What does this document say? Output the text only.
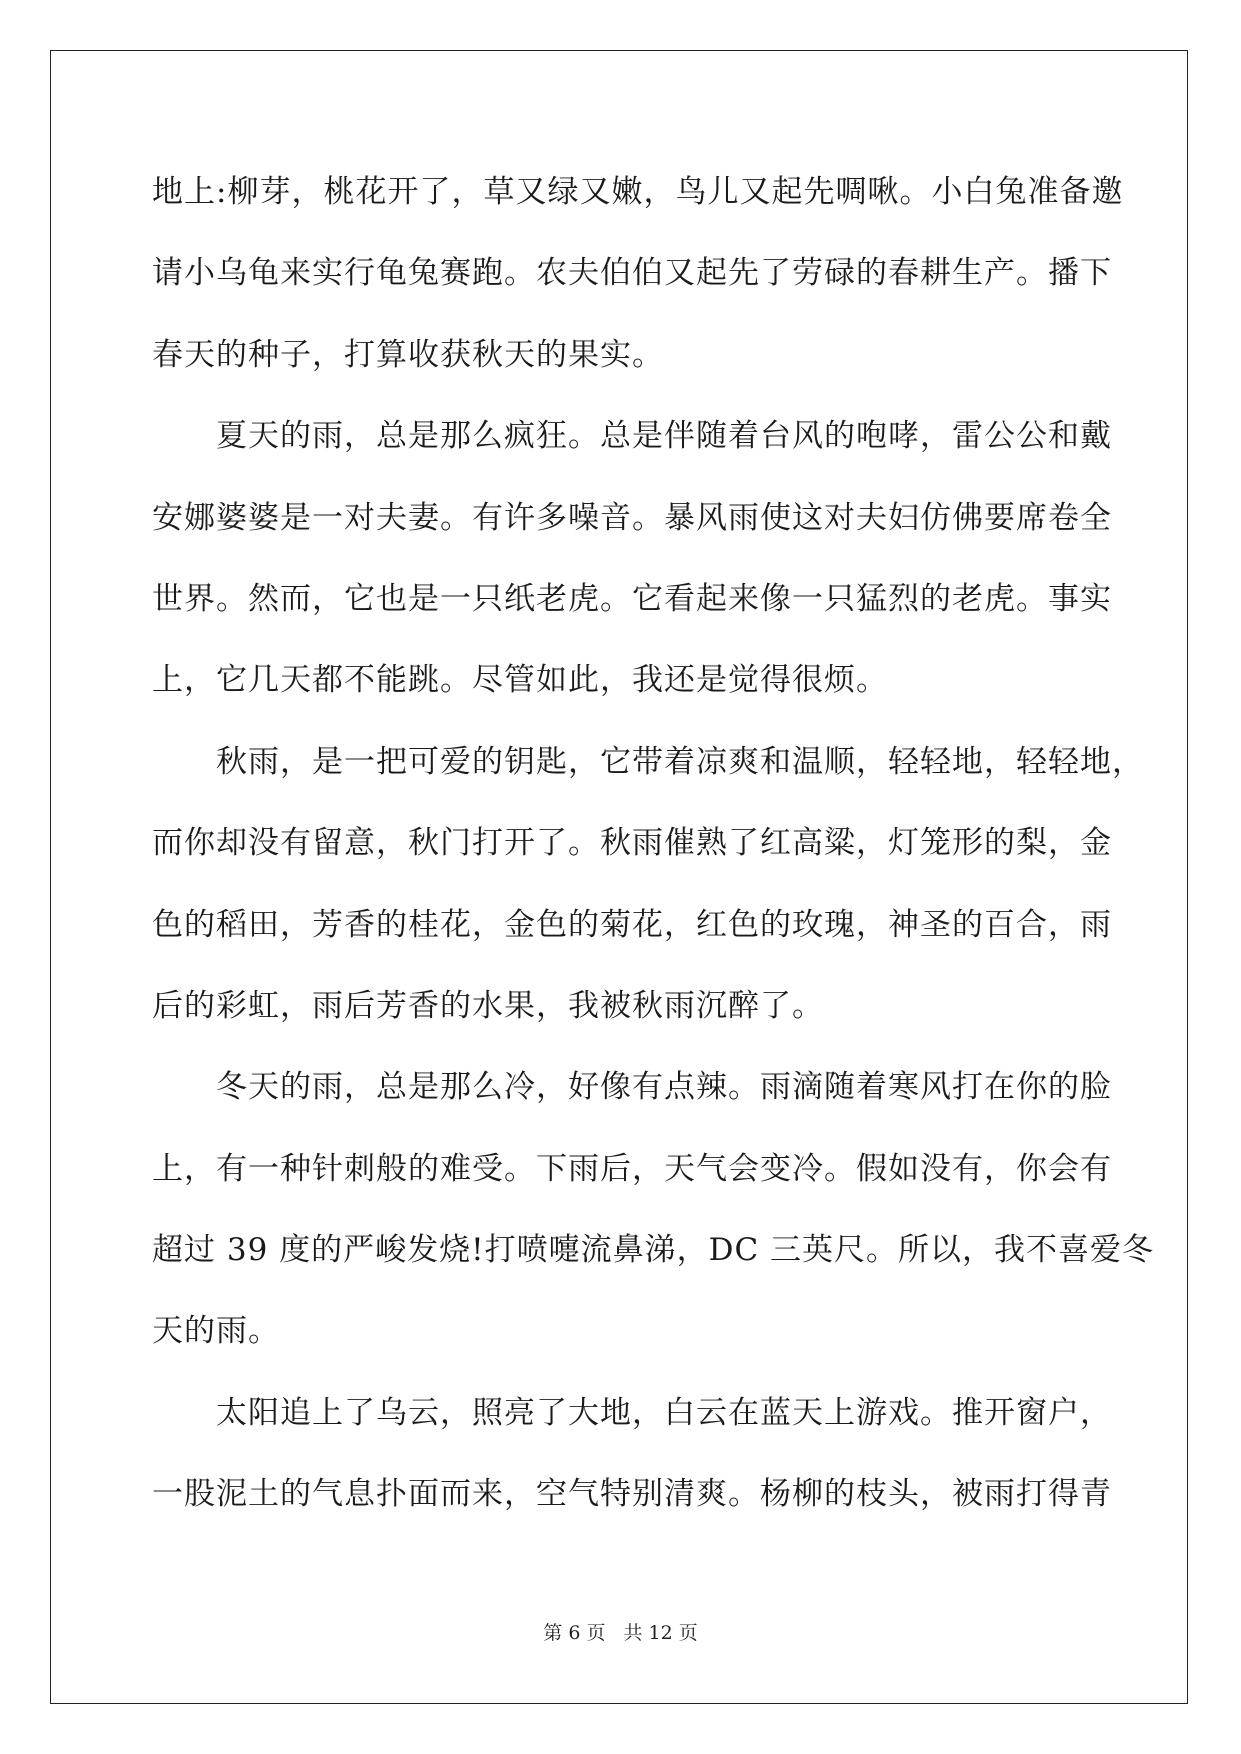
地上:柳芽，桃花开了，草又绿又嫩，鸟儿又起先啁啾。小白兔准备邀
请小乌龟来实行龟兔赛跑。农夫伯伯又起先了劳碌的春耕生产。播下
春天的种子，打算收获秋天的果实。
　　夏天的雨，总是那么疯狂。总是伴随着台风的咆哮，雷公公和戴
安娜婆婆是一对夫妻。有许多噪音。暴风雨使这对夫妇仿佛要席卷全
世界。然而，它也是一只纸老虎。它看起来像一只猛烈的老虎。事实
上，它几天都不能跳。尽管如此，我还是觉得很烦。
　　秋雨，是一把可爱的钥匙，它带着凉爽和温顺，轻轻地，轻轻地，
而你却没有留意，秋门打开了。秋雨催熟了红高粱，灯笼形的梨，金
色的稻田，芳香的桂花，金色的菊花，红色的玫瑰，神圣的百合，雨
后的彩虹，雨后芳香的水果，我被秋雨沉醉了。
　　冬天的雨，总是那么冷，好像有点辣。雨滴随着寒风打在你的脸
上，有一种针刺般的难受。下雨后，天气会变冷。假如没有，你会有
超过 39 度的严峻发烧!打喷嚏流鼻涕，DC 三英尺。所以，我不喜爱冬
天的雨。
　　太阳追上了乌云，照亮了大地，白云在蓝天上游戏。推开窗户，
一股泥土的气息扑面而来，空气特别清爽。杨柳的枝头，被雨打得青
第 6 页 共 12 页
